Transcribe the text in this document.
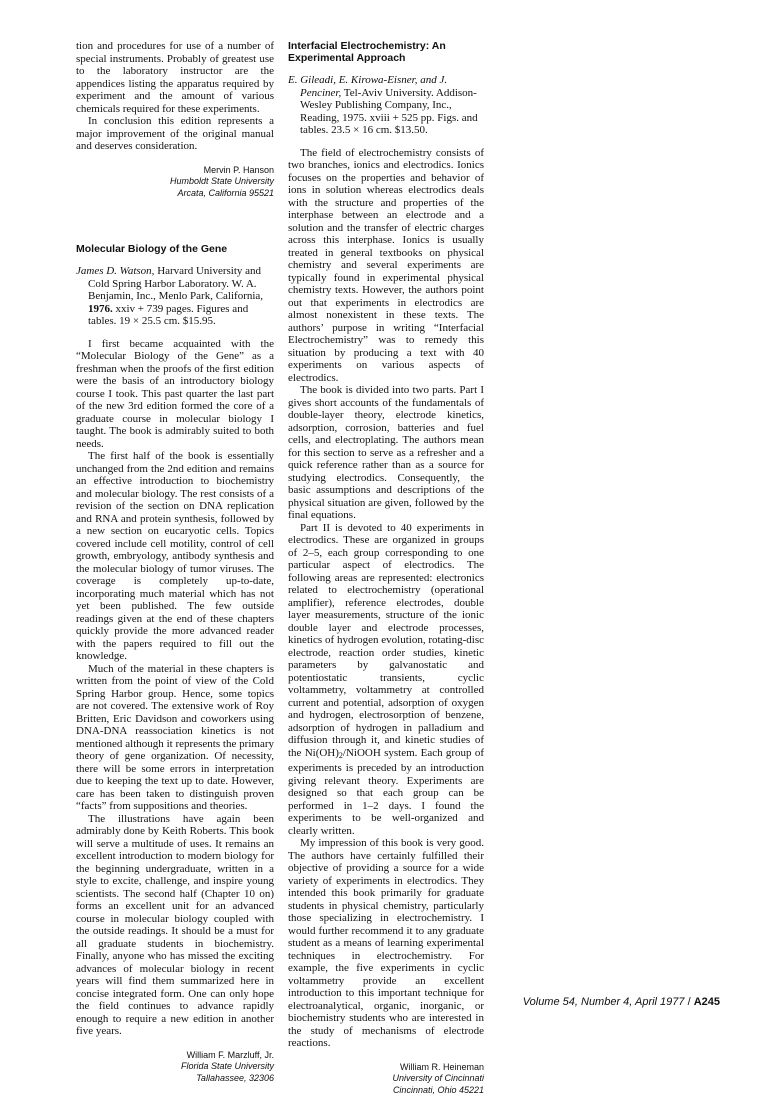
tion and procedures for use of a number of special instruments. Probably of greatest use to the laboratory instructor are the appendices listing the apparatus required by experiment and the amount of various chemicals required for these experiments.

In conclusion this edition represents a major improvement of the original manual and deserves consideration.

Mervin P. Hanson
Humboldt State University
Arcata, California 95521
Molecular Biology of the Gene

James D. Watson, Harvard University and Cold Spring Harbor Laboratory. W. A. Benjamin, Inc., Menlo Park, California, 1976. xxiv + 739 pages. Figures and tables. 19 × 25.5 cm. $15.95.

I first became acquainted with the “Molecular Biology of the Gene” as a freshman when the proofs of the first edition were the basis of an introductory biology course I took. This past quarter the last part of the new 3rd edition formed the core of a graduate course in molecular biology I taught. The book is admirably suited to both needs.

The first half of the book is essentially unchanged from the 2nd edition and remains an effective introduction to biochemistry and molecular biology. The rest consists of a revision of the section on DNA replication and RNA and protein synthesis, followed by a new section on eucaryotic cells. Topics covered include cell motility, control of cell growth, embryology, antibody synthesis and the molecular biology of tumor viruses. The coverage is completely up-to-date, incorporating much material which has not yet been published. The few outside readings given at the end of these chapters quickly provide the more advanced reader with the papers required to fill out the knowledge.

Much of the material in these chapters is written from the point of view of the Cold Spring Harbor group. Hence, some topics are not covered. The extensive work of Roy Britten, Eric Davidson and coworkers using DNA-DNA reassociation kinetics is not mentioned although it represents the primary theory of gene organization. Of necessity, there will be some errors in interpretation due to keeping the text up to date. However, care has been taken to distinguish proven “facts” from suppositions and theories.

The illustrations have again been admirably done by Keith Roberts. This book will serve a multitude of uses. It remains an excellent introduction to modern biology for the beginning undergraduate, written in a style to excite, challenge, and inspire young scientists. The second half (Chapter 10 on) forms an excellent unit for an advanced course in molecular biology coupled with the outside readings. It should be a must for all graduate students in biochemistry. Finally, anyone who has missed the exciting advances of molecular biology in recent years will find them summarized here in concise integrated form. One can only hope the field continues to advance rapidly enough to require a new edition in another five years.

William F. Marzluff, Jr.
Florida State University
Tallahassee, 32306
Interfacial Electrochemistry: An Experimental Approach

E. Gileadi, E. Kirowa-Eisner, and J. Penciner, Tel-Aviv University. Addison-Wesley Publishing Company, Inc., Reading, 1975. xviii + 525 pp. Figs. and tables. 23.5 × 16 cm. $13.50.

The field of electrochemistry consists of two branches, ionics and electrodics. Ionics focuses on the properties and behavior of ions in solution whereas electrodics deals with the structure and properties of the interphase between an electrode and a solution and the transfer of electric charges across this interphase. Ionics is usually treated in general textbooks on physical chemistry and several experiments are typically found in experimental physical chemistry texts. However, the authors point out that experiments in electrodics are almost nonexistent in these texts. The authors’ purpose in writing “Interfacial Electrochemistry” was to remedy this situation by producing a text with 40 experiments on various aspects of electrodics.

The book is divided into two parts. Part I gives short accounts of the fundamentals of double-layer theory, electrode kinetics, adsorption, corrosion, batteries and fuel cells, and electroplating. The authors mean for this section to serve as a refresher and a quick reference rather than as a source for studying electrodics. Consequently, the basic assumptions and descriptions of the physical situation are given, followed by the final equations.

Part II is devoted to 40 experiments in electrodics. These are organized in groups of 2–5, each group corresponding to one particular aspect of electrodics. The following areas are represented: electronics related to electrochemistry (operational amplifier), reference electrodes, double layer measurements, structure of the ionic double layer and electrode processes, kinetics of hydrogen evolution, rotating-disc electrode, reaction order studies, kinetic parameters by galvanostatic and potentiostatic transients, cyclic voltammetry, voltammetry at controlled current and potential, adsorption of oxygen and hydrogen, electrosorption of benzene, adsorption of hydrogen in palladium and diffusion through it, and kinetic studies of the $Ni(OH)_2$/NiOOH system. Each group of experiments is preceded by an introduction giving relevant theory. Experiments are designed so that each group can be performed in 1–2 days. I found the experiments to be well-organized and clearly written.

My impression of this book is very good. The authors have certainly fulfilled their objective of providing a source for a wide variety of experiments in electrodics. They intended this book primarily for graduate students in physical chemistry, particularly those specializing in electrochemistry. I would further recommend it to any graduate student as a means of learning experimental techniques in electrochemistry. For example, the five experiments in cyclic voltammetry provide an excellent introduction to this important technique for electroanalytical, organic, inorganic, or biochemistry students who are interested in the study of mechanisms of electrode reactions.

William R. Heineman
University of Cincinnati
Cincinnati, Ohio 45221
Volume 54, Number 4, April 1977 / A245
